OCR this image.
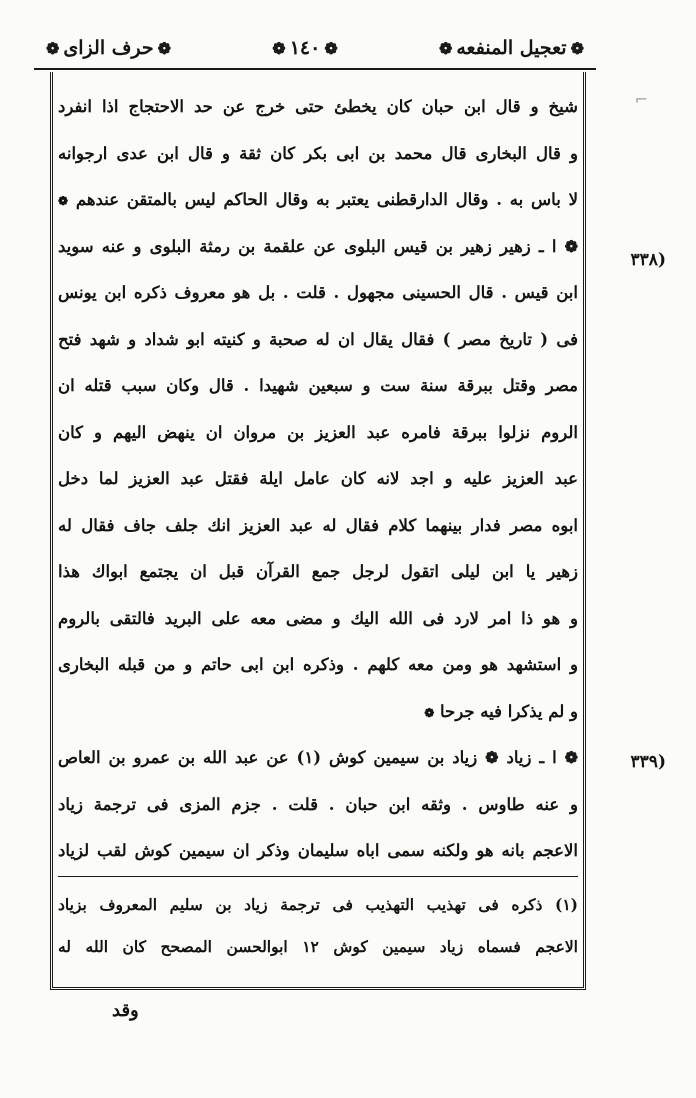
❁
تعجيل المنفعه
❁
❁
١٤٠
❁
❁
حرف الزاى
❁
⌐
(٣٣٨
(٣٣٩
شيخ و قال ابن حبان كان يخطئ حتى خرج عن حد الاحتجاج اذا انفرد
و قال البخارى قال محمد بن ابى بكر كان ثقة و قال ابن عدى ارجوانه
لا باس به . وقال الدارقطنى يعتبر به وقال الحاكم ليس بالمتقن عندهم ❁
❁ ا ـ زهير زهير بن قيس البلوى عن علقمة بن رمثة البلوى و عنه سويد
ابن قيس . قال الحسينى مجهول . قلت . بل هو معروف ذكره ابن يونس
فى ( تاريخ مصر ) فقال يقال ان له صحبة و كنيته ابو شداد و شهد فتح
مصر وقتل ببرقة سنة ست و سبعين شهيدا . قال وكان سبب قتله ان
الروم نزلوا ببرقة فامره عبد العزيز بن مروان ان ينهض اليهم و كان
عبد العزيز عليه و اجد لانه كان عامل ايلة فقتل عبد العزيز لما دخل
ابوه مصر فدار بينهما كلام فقال له عبد العزيز انك جلف جاف فقال له
زهير يا ابن ليلى اتقول لرجل جمع القرآن قبل ان يجتمع ابواك هذا
و هو ذا امر لارد فى الله اليك و مضى معه على البريد فالتقى بالروم
و استشهد هو ومن معه كلهم . وذكره ابن ابى حاتم و من قبله البخارى
و لم يذكرا فيه جرحا ❁
❁ ا ـ زياد ❁ زياد بن سيمين كوش (١) عن عبد الله بن عمرو بن العاص
و عنه طاوس . وثقه ابن حبان . قلت . جزم المزى فى ترجمة زياد
الاعجم بانه هو ولكنه سمى اباه سليمان وذكر ان سيمين كوش لقب لزياد
(١) ذكره فى تهذيب التهذيب فى ترجمة زياد بن سليم المعروف بزياد
الاعجم فسماه زياد سيمين كوش ١٢ ابوالحسن المصحح كان الله له
وقد
